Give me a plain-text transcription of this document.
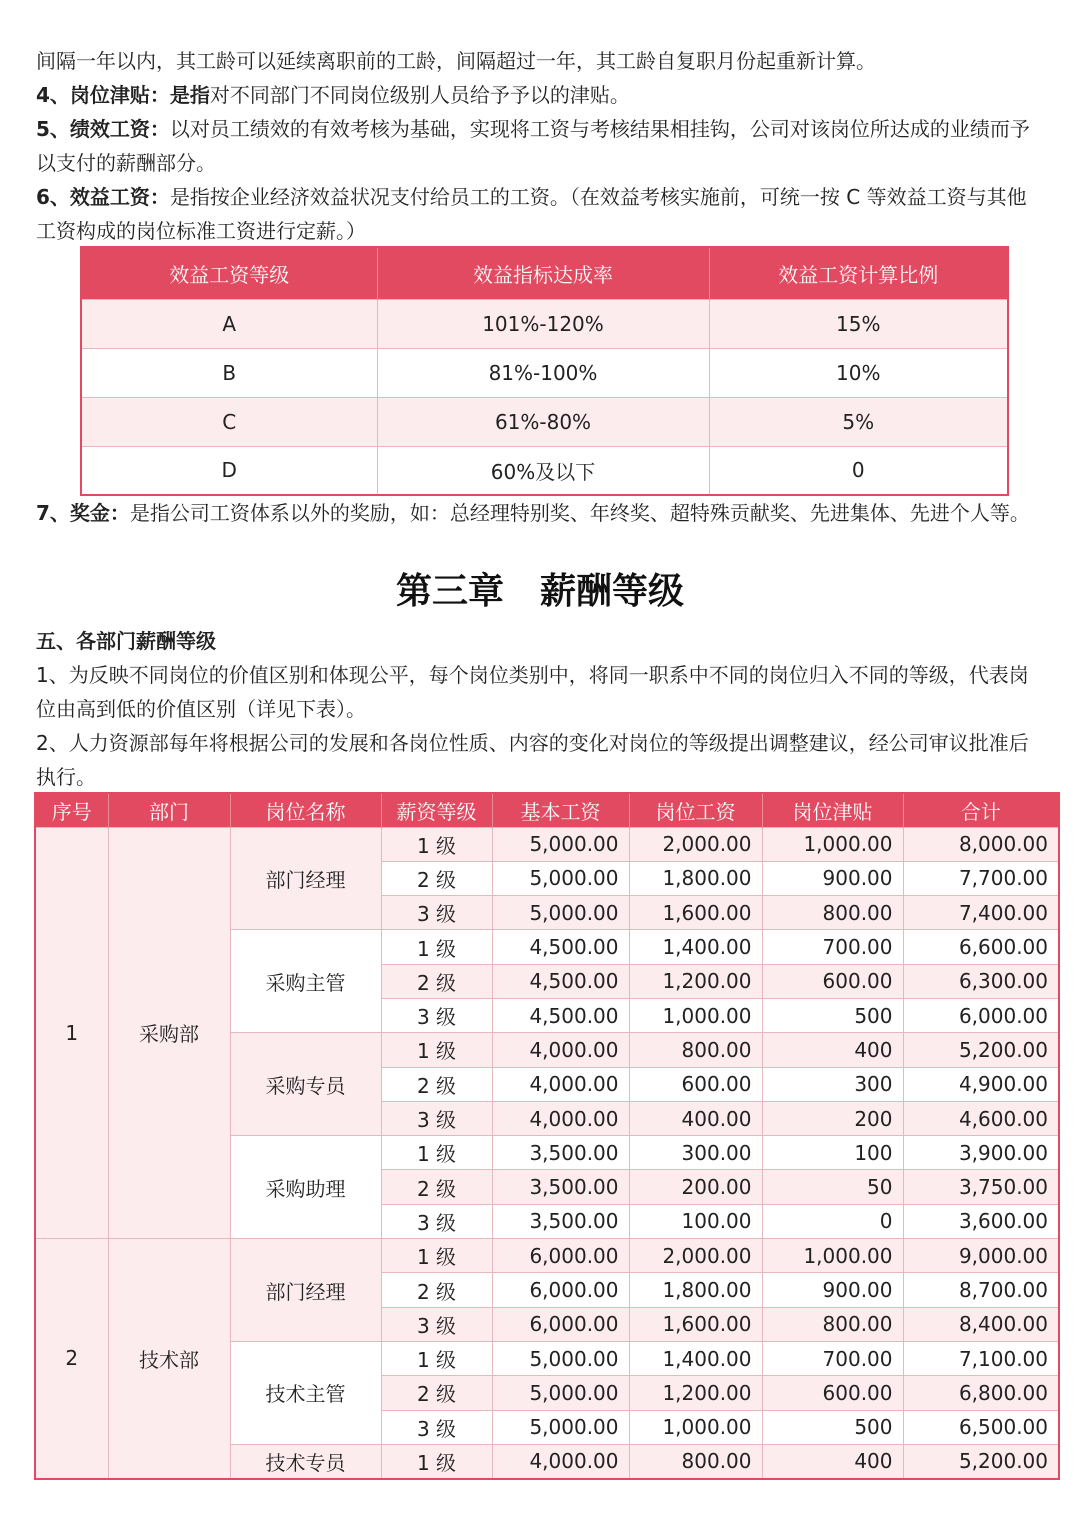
间隔一年以内，其工龄可以延续离职前的工龄，间隔超过一年，其工龄自复职月份起重新计算。
4、岗位津贴：是指对不同部门不同岗位级别人员给予予以的津贴。
5、绩效工资：以对员工绩效的有效考核为基础，实现将工资与考核结果相挂钩，公司对该岗位所达成的业绩而予以支付的薪酬部分。
6、效益工资：是指按企业经济效益状况支付给员工的工资。（在效益考核实施前，可统一按 C 等效益工资与其他工资构成的岗位标准工资进行定薪。）
效益工资等级	效益指标达成率	效益工资计算比例
A	101%-120%	15%
B	81%-100%	10%
C	61%-80%	5%
D	60%及以下	0
7、奖金：是指公司工资体系以外的奖励，如：总经理特别奖、年终奖、超特殊贡献奖、先进集体、先进个人等。
第三章　薪酬等级
五、各部门薪酬等级
1、为反映不同岗位的价值区别和体现公平，每个岗位类别中，将同一职系中不同的岗位归入不同的等级，代表岗位由高到低的价值区别（详见下表）。
2、人力资源部每年将根据公司的发展和各岗位性质、内容的变化对岗位的等级提出调整建议，经公司审议批准后执行。
序号	部门	岗位名称	薪资等级	基本工资	岗位工资	岗位津贴	合计
1	采购部	部门经理	1 级	5,000.00	2,000.00	1,000.00	8,000.00
			2 级	5,000.00	1,800.00	900.00	7,700.00
			3 级	5,000.00	1,600.00	800.00	7,400.00
		采购主管	1 级	4,500.00	1,400.00	700.00	6,600.00
			2 级	4,500.00	1,200.00	600.00	6,300.00
			3 级	4,500.00	1,000.00	500	6,000.00
		采购专员	1 级	4,000.00	800.00	400	5,200.00
			2 级	4,000.00	600.00	300	4,900.00
			3 级	4,000.00	400.00	200	4,600.00
		采购助理	1 级	3,500.00	300.00	100	3,900.00
			2 级	3,500.00	200.00	50	3,750.00
			3 级	3,500.00	100.00	0	3,600.00
2	技术部	部门经理	1 级	6,000.00	2,000.00	1,000.00	9,000.00
			2 级	6,000.00	1,800.00	900.00	8,700.00
			3 级	6,000.00	1,600.00	800.00	8,400.00
		技术主管	1 级	5,000.00	1,400.00	700.00	7,100.00
			2 级	5,000.00	1,200.00	600.00	6,800.00
			3 级	5,000.00	1,000.00	500	6,500.00
		技术专员	1 级	4,000.00	800.00	400	5,200.00
